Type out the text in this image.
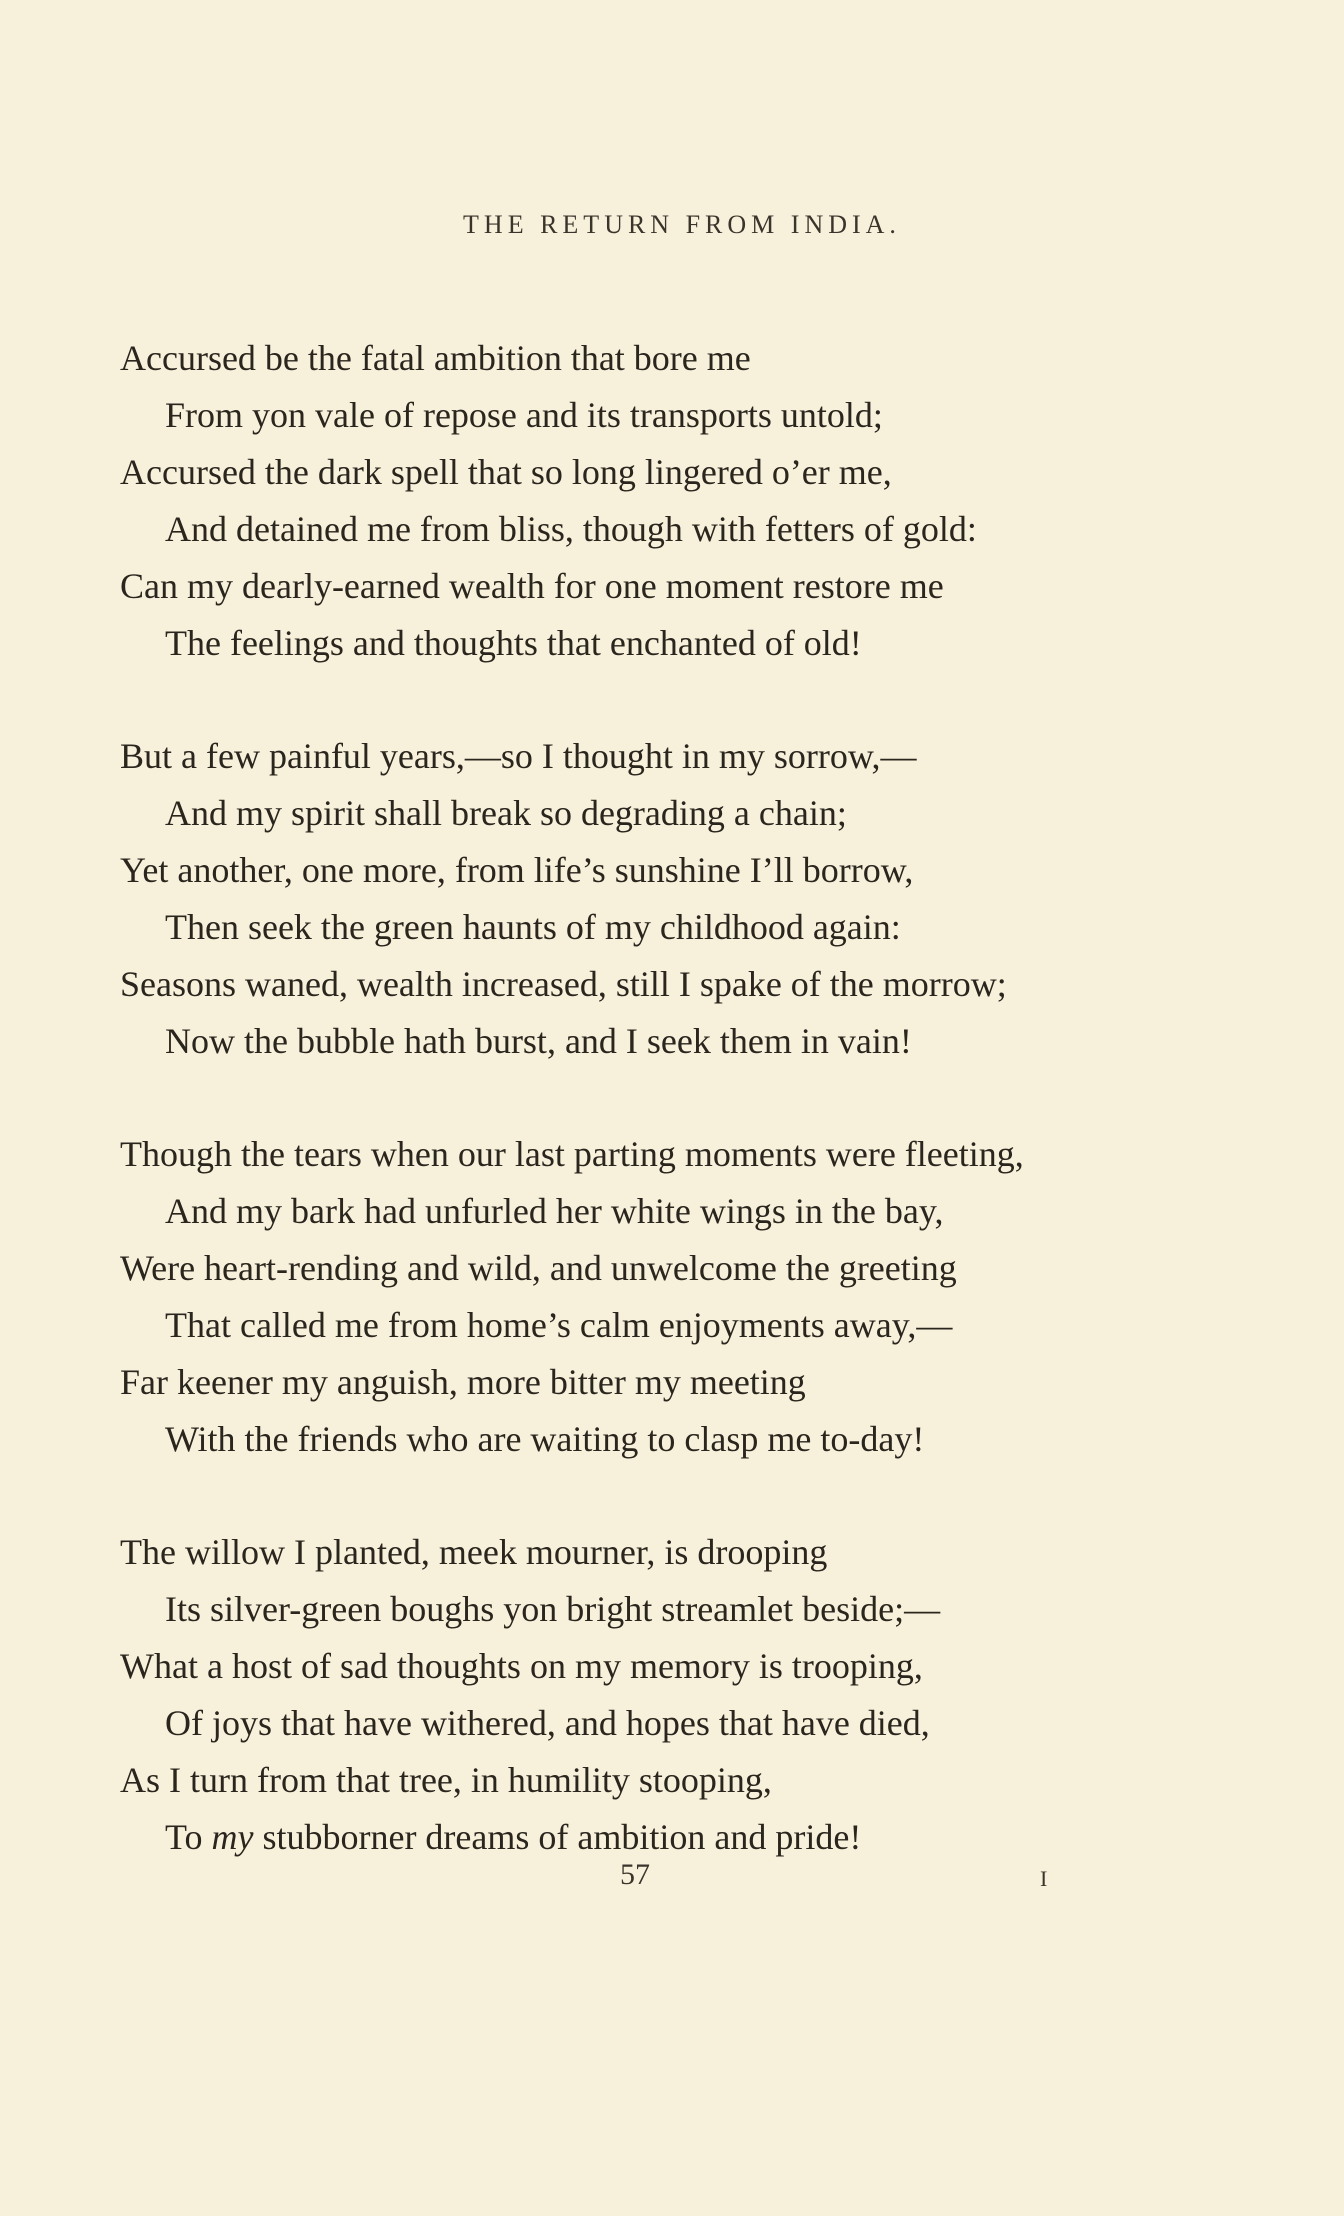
THE RETURN FROM INDIA.
Accursed be the fatal ambition that bore me
From yon vale of repose and its transports untold;
Accursed the dark spell that so long lingered o’er me,
And detained me from bliss, though with fetters of gold:
Can my dearly-earned wealth for one moment restore me
The feelings and thoughts that enchanted of old!
But a few painful years,—so I thought in my sorrow,—
And my spirit shall break so degrading a chain;
Yet another, one more, from life’s sunshine I’ll borrow,
Then seek the green haunts of my childhood again:
Seasons waned, wealth increased, still I spake of the morrow;
Now the bubble hath burst, and I seek them in vain!
Though the tears when our last parting moments were fleeting,
And my bark had unfurled her white wings in the bay,
Were heart-rending and wild, and unwelcome the greeting
That called me from home’s calm enjoyments away,—
Far keener my anguish, more bitter my meeting
With the friends who are waiting to clasp me to-day!
The willow I planted, meek mourner, is drooping
Its silver-green boughs yon bright streamlet beside;—
What a host of sad thoughts on my memory is trooping,
Of joys that have withered, and hopes that have died,
As I turn from that tree, in humility stooping,
To my stubborner dreams of ambition and pride!
57	I
